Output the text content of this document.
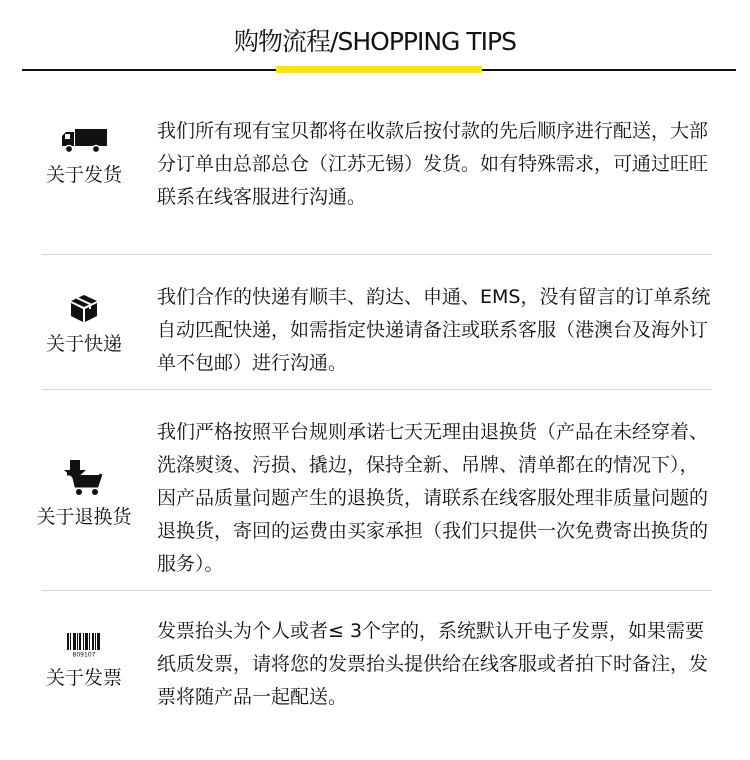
购物流程/SHOPPING TIPS
关于发货
我们所有现有宝贝都将在收款后按付款的先后顺序进行配送，大部分订单由总部总仓（江苏无锡）发货。如有特殊需求，可通过旺旺联系在线客服进行沟通。
关于快递
我们合作的快递有顺丰、韵达、申通、EMS，没有留言的订单系统自动匹配快递，如需指定快递请备注或联系客服（港澳台及海外订单不包邮）进行沟通。
关于退换货
我们严格按照平台规则承诺七天无理由退换货（产品在未经穿着、洗涤熨烫、污损、撬边，保持全新、吊牌、清单都在的情况下），因产品质量问题产生的退换货，请联系在线客服处理非质量问题的退换货，寄回的运费由买家承担（我们只提供一次免费寄出换货的服务）。
809107
关于发票
发票抬头为个人或者≤ 3个字的，系统默认开电子发票，如果需要纸质发票，请将您的发票抬头提供给在线客服或者拍下时备注，发票将随产品一起配送。
